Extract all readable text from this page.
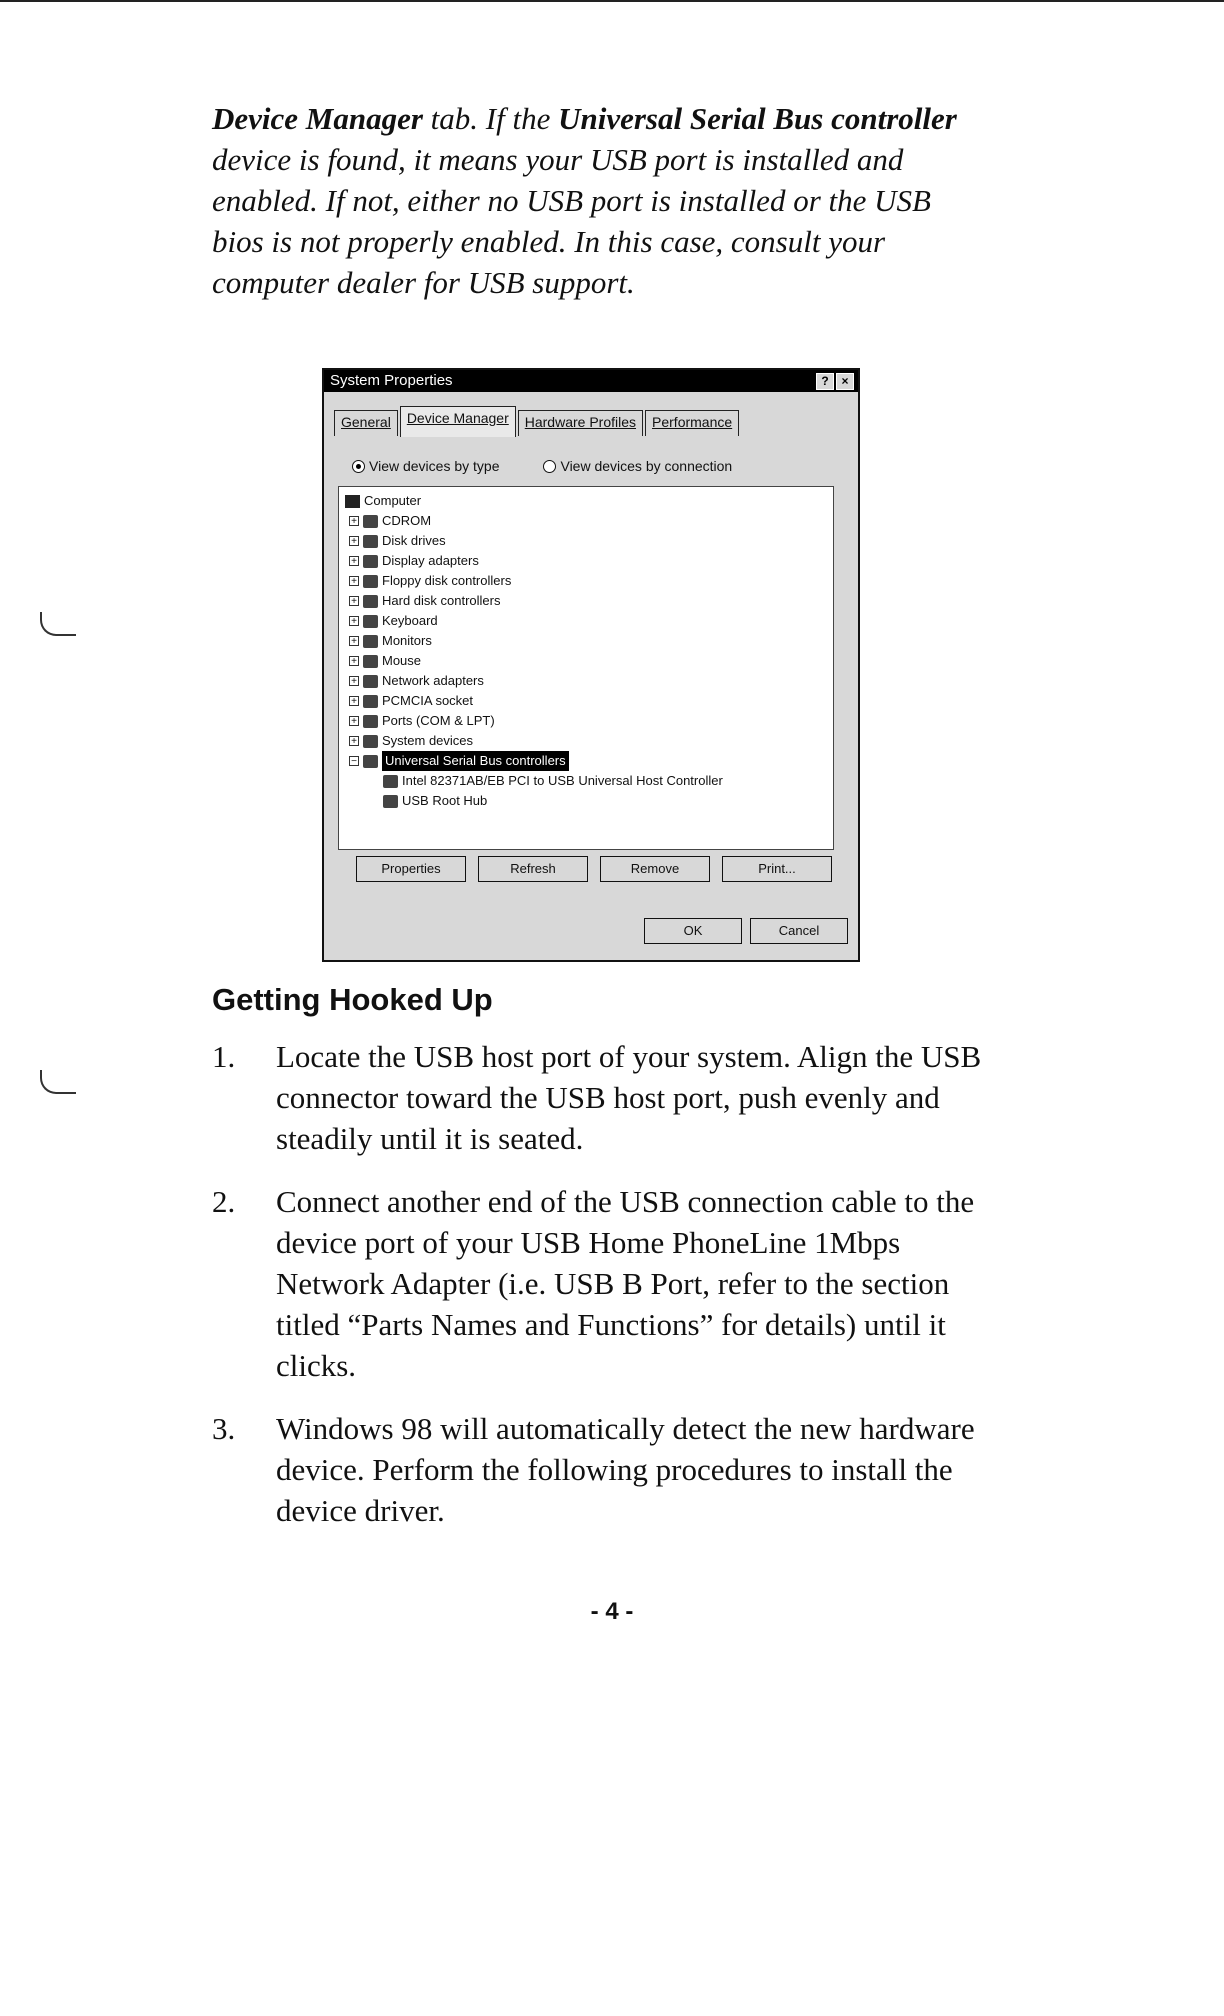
Device Manager tab. If the Universal Serial Bus controller device is found, it means your USB port is installed and enabled. If not, either no USB port is installed or the USB bios is not properly enabled. In this case, consult your computer dealer for USB support.

System Properties	?	×
General	Device Manager	Hardware Profiles	Performance
View devices by type	View devices by connection
Computer
+ CDROM
+ Disk drives
+ Display adapters
+ Floppy disk controllers
+ Hard disk controllers
+ Keyboard
+ Monitors
+ Mouse
+ Network adapters
+ PCMCIA socket
+ Ports (COM & LPT)
+ System devices
− Universal Serial Bus controllers
Intel 82371AB/EB PCI to USB Universal Host Controller
USB Root Hub
Properties	Refresh	Remove	Print...
OK	Cancel
Getting Hooked Up
1. Locate the USB host port of your system. Align the USB connector toward the USB host port, push evenly and steadily until it is seated.
2. Connect another end of the USB connection cable to the device port of your USB Home PhoneLine 1Mbps Network Adapter (i.e. USB B Port, refer to the section titled “Parts Names and Functions” for details) until it clicks.
3. Windows 98 will automatically detect the new hardware device. Perform the following procedures to install the device driver.
- 4 -
